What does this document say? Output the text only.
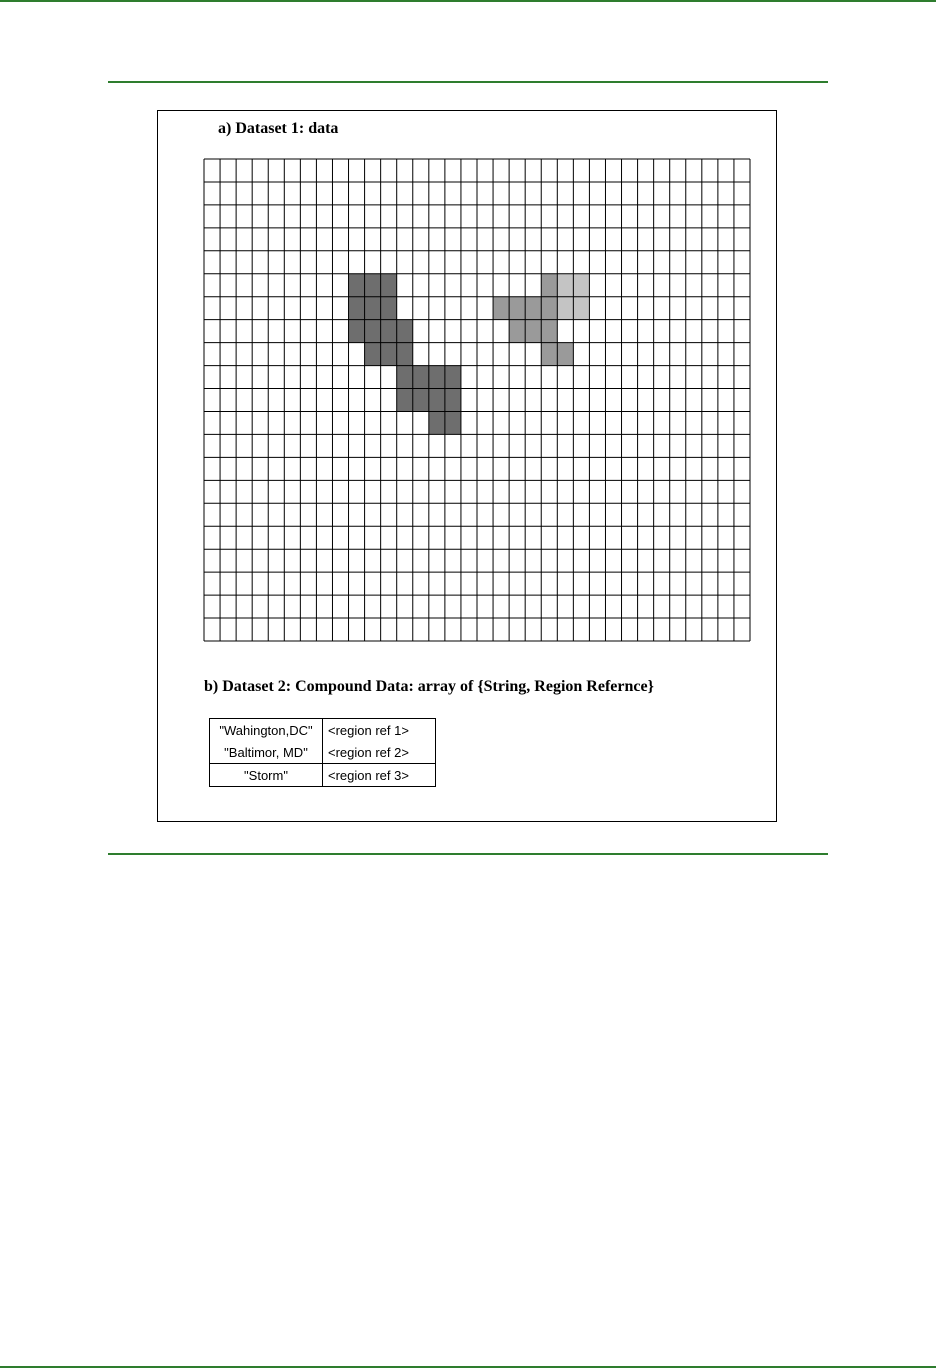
a) Dataset 1: data
b) Dataset 2: Compound Data: array of {String, Region Refernce}
"Wahington,DC"	<region ref 1>
"Baltimor, MD"	<region ref 2>
"Storm"	<region ref 3>
